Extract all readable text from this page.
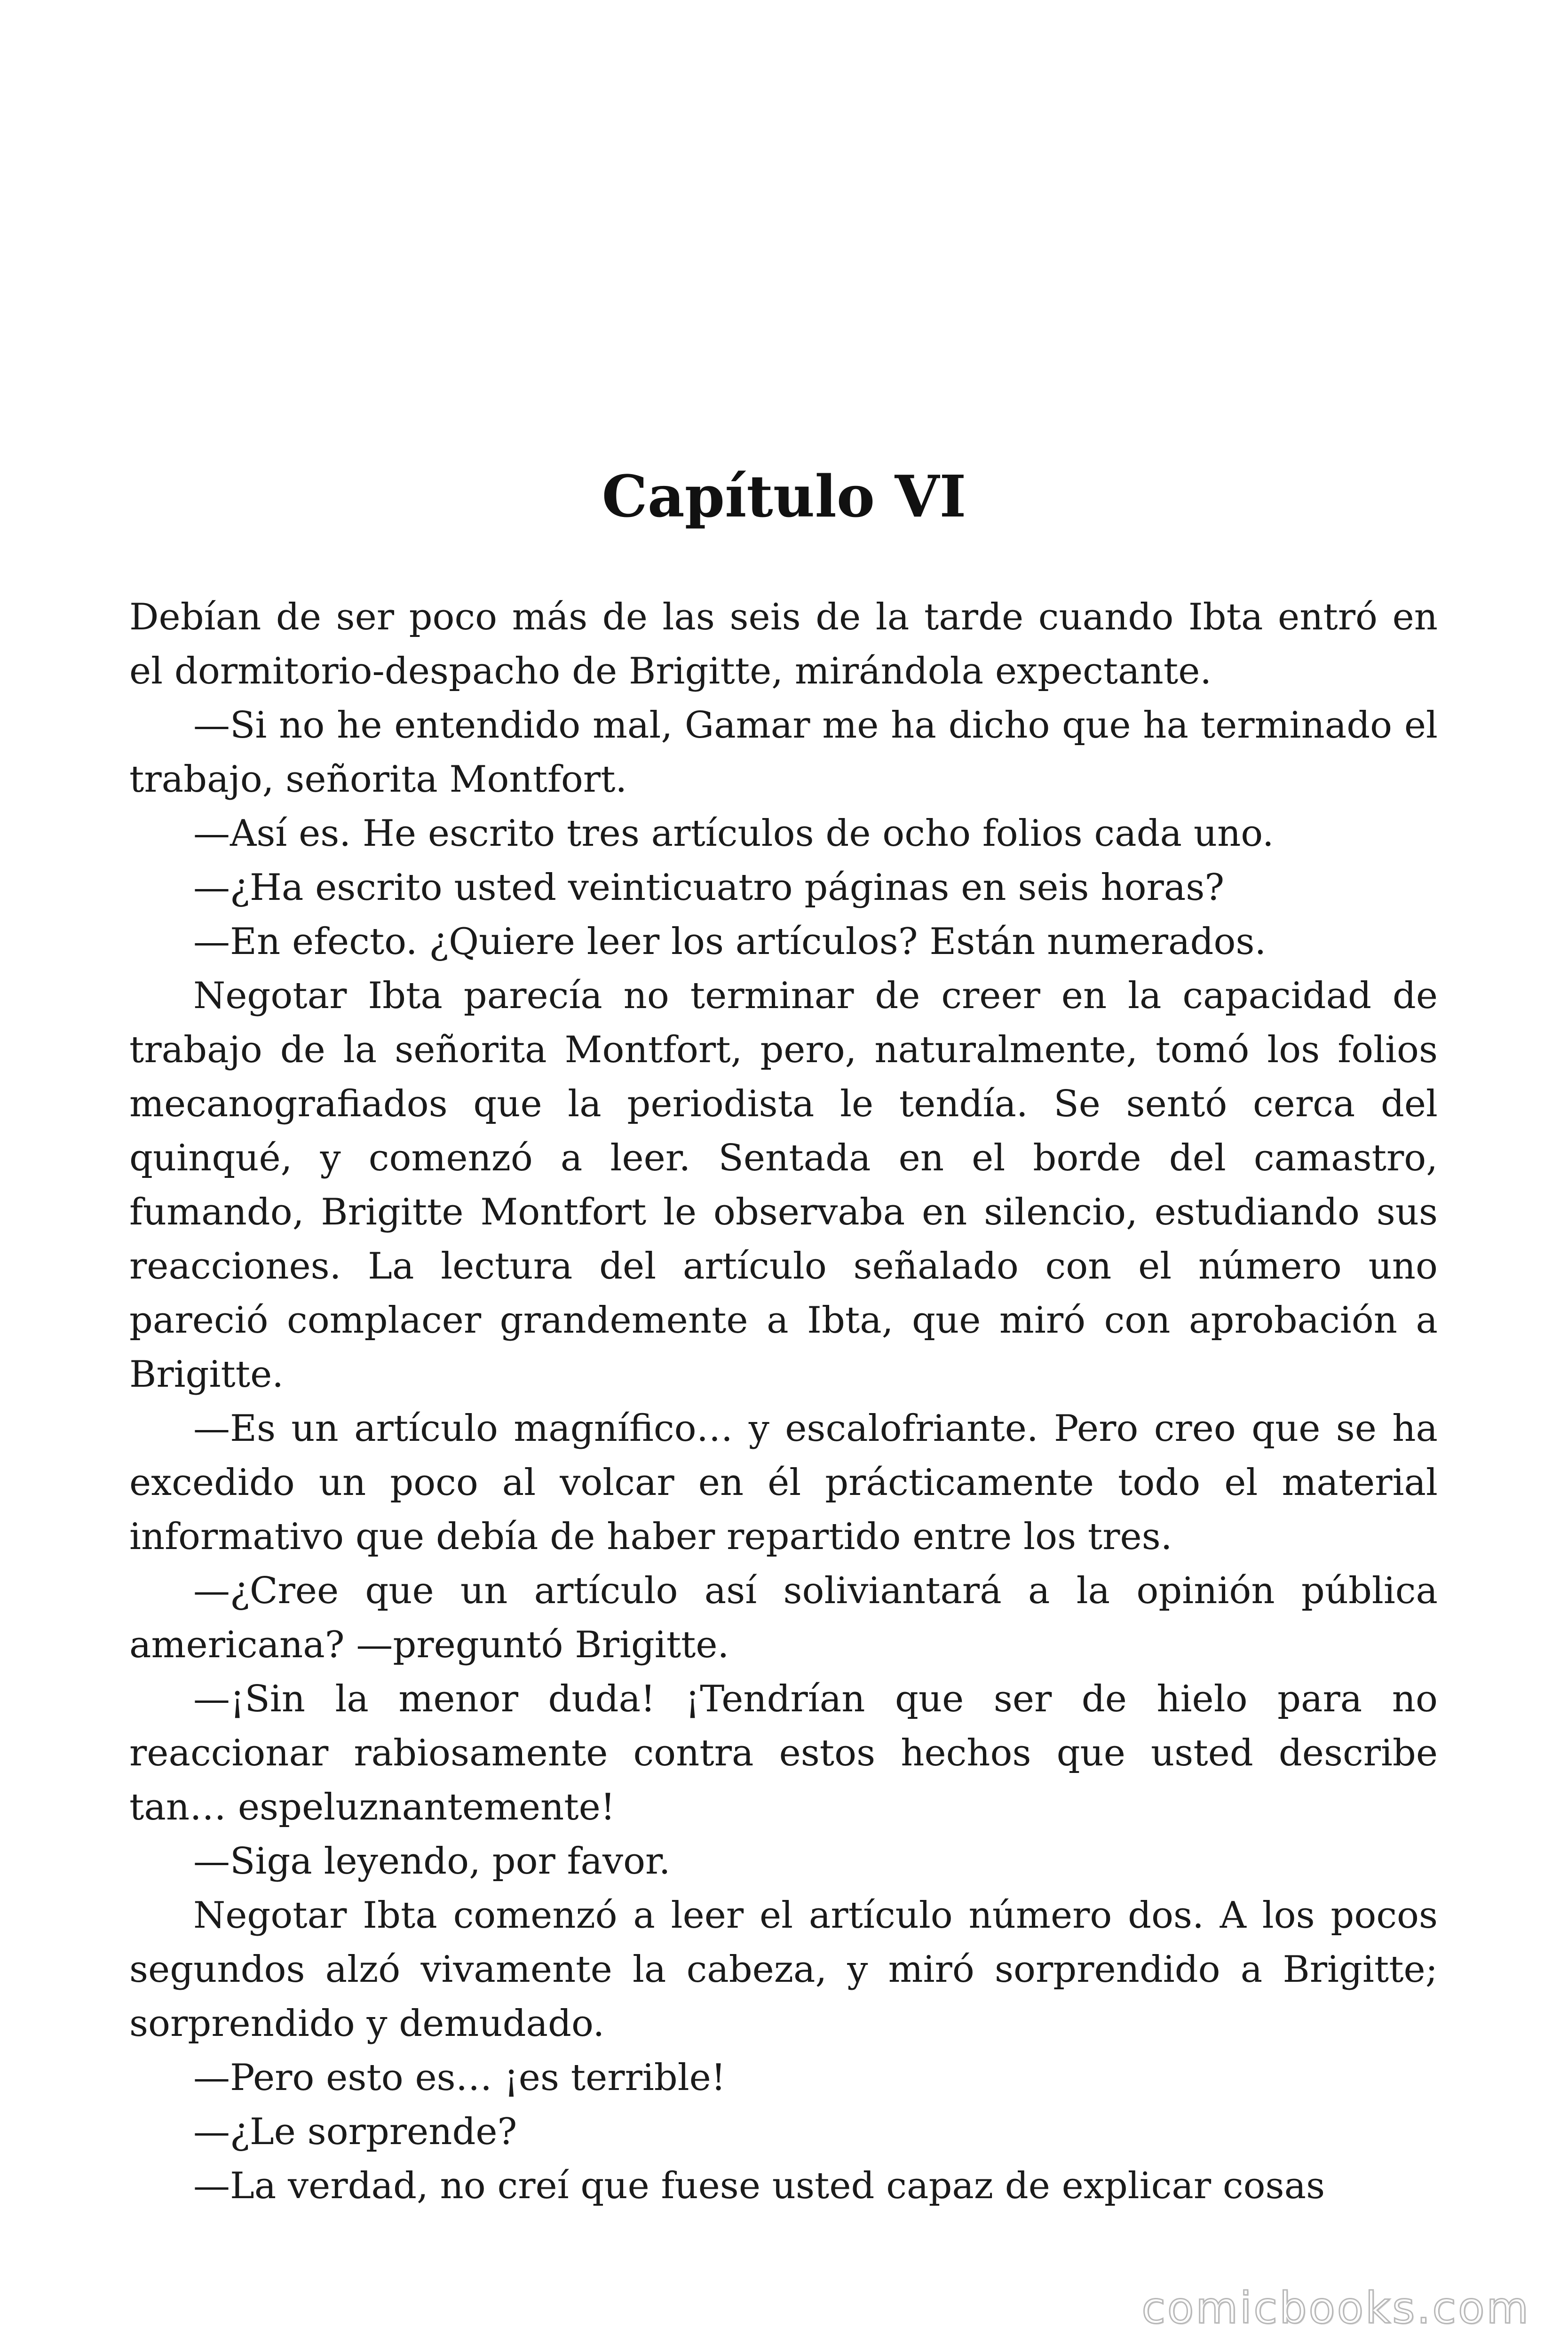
Capítulo VI

Debían de ser poco más de las seis de la tarde cuando Ibta entró en el dormitorio-despacho de Brigitte, mirándola expectante.

—Si no he entendido mal, Gamar me ha dicho que ha terminado el trabajo, señorita Montfort.

—Así es. He escrito tres artículos de ocho folios cada uno.

—¿Ha escrito usted veinticuatro páginas en seis horas?

—En efecto. ¿Quiere leer los artículos? Están numerados.

Negotar Ibta parecía no terminar de creer en la capacidad de trabajo de la señorita Montfort, pero, naturalmente, tomó los folios mecanografiados que la periodista le tendía. Se sentó cerca del quinqué, y comenzó a leer. Sentada en el borde del camastro, fumando, Brigitte Montfort le observaba en silencio, estudiando sus reacciones. La lectura del artículo señalado con el número uno pareció complacer grandemente a Ibta, que miró con aprobación a Brigitte.

—Es un artículo magnífico… y escalofriante. Pero creo que se ha excedido un poco al volcar en él prácticamente todo el material informativo que debía de haber repartido entre los tres.

—¿Cree que un artículo así soliviantará a la opinión pública americana? —preguntó Brigitte.

—¡Sin la menor duda! ¡Tendrían que ser de hielo para no reaccionar rabiosamente contra estos hechos que usted describe tan… espeluznantemente!

—Siga leyendo, por favor.

Negotar Ibta comenzó a leer el artículo número dos. A los pocos segundos alzó vivamente la cabeza, y miró sorprendido a Brigitte; sorprendido y demudado.

—Pero esto es… ¡es terrible!

—¿Le sorprende?

—La verdad, no creí que fuese usted capaz de explicar cosas

comicbooks.com
